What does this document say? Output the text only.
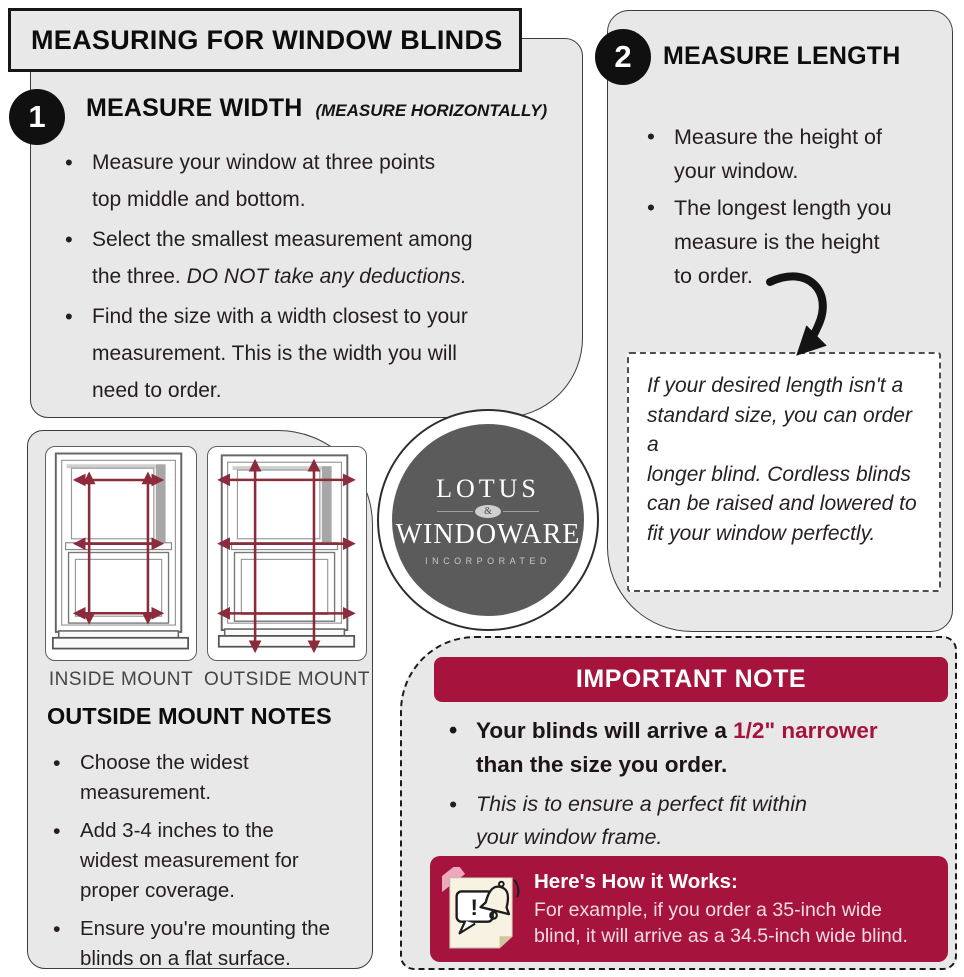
MEASURING FOR WINDOW BLINDS
1 MEASURE WIDTH (MEASURE HORIZONTALLY)
• Measure your window at three points
top middle and bottom.
• Select the smallest measurement among
the three. DO NOT take any deductions.
• Find the size with a width closest to your
measurement. This is the width you will
need to order.
2 MEASURE LENGTH
• Measure the height of
your window.
• The longest length you
measure is the height
to order.
If your desired length isn't a
standard size, you can order a
longer blind. Cordless blinds
can be raised and lowered to
fit your window perfectly.
INSIDE MOUNT OUTSIDE MOUNT
OUTSIDE MOUNT NOTES
• Choose the widest
measurement.
• Add 3-4 inches to the
widest measurement for
proper coverage.
• Ensure you're mounting the
blinds on a flat surface.
LOTUS
&
WINDOWARE
INCORPORATED
IMPORTANT NOTE
• Your blinds will arrive a 1/2" narrower
than the size you order.
• This is to ensure a perfect fit within
your window frame.
!
Here's How it Works:
For example, if you order a 35-inch wide
blind, it will arrive as a 34.5-inch wide blind.
